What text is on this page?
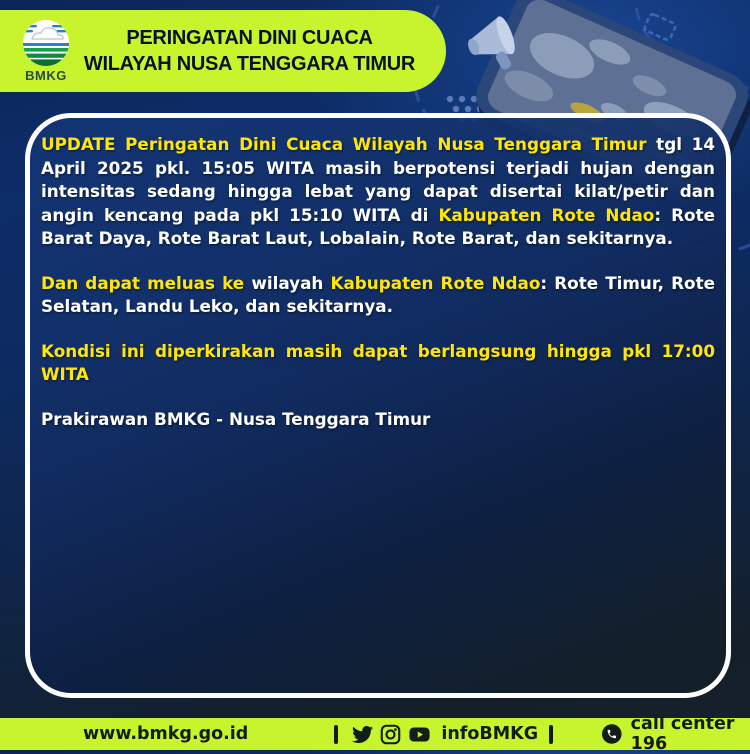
BMKG
PERINGATAN DINI CUACA
WILAYAH NUSA TENGGARA TIMUR

UPDATE Peringatan Dini Cuaca Wilayah Nusa Tenggara Timur tgl 14 April 2025 pkl. 15:05 WITA masih berpotensi terjadi hujan dengan intensitas sedang hingga lebat yang dapat disertai kilat/petir dan angin kencang pada pkl 15:10 WITA di Kabupaten Rote Ndao: Rote Barat Daya, Rote Barat Laut, Lobalain, Rote Barat, dan sekitarnya.

Dan dapat meluas ke wilayah Kabupaten Rote Ndao: Rote Timur, Rote Selatan, Landu Leko, dan sekitarnya.

Kondisi ini diperkirakan masih dapat berlangsung hingga pkl 17:00 WITA

Prakirawan BMKG - Nusa Tenggara Timur

www.bmkg.go.id	infoBMKG	call center 196
